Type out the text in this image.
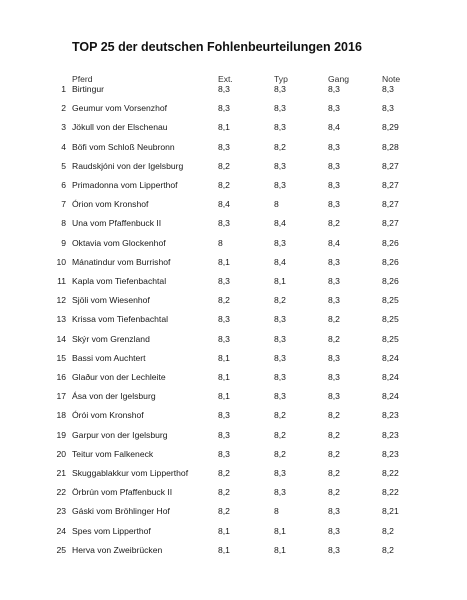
TOP 25 der deutschen Fohlenbeurteilungen 2016
Pferd	Ext.	Typ	Gang	Note
1 Birtingur	8,3	8,3	8,3	8,3
2 Geumur vom Vorsenzhof	8,3	8,3	8,3	8,3
3 Jökull von der Elschenau	8,1	8,3	8,4	8,29
4 Böfi vom Schloß Neubronn	8,3	8,2	8,3	8,28
5 Raudskjóni von der Igelsburg	8,2	8,3	8,3	8,27
6 Primadonna vom Lipperthof	8,2	8,3	8,3	8,27
7 Órion vom Kronshof	8,4	8	8,3	8,27
8 Una vom Pfaffenbuck II	8,3	8,4	8,2	8,27
9 Oktavia vom Glockenhof	8	8,3	8,4	8,26
10 Mánatindur vom Burrishof	8,1	8,4	8,3	8,26
11 Kapla vom Tiefenbachtal	8,3	8,1	8,3	8,26
12 Sjöli vom Wiesenhof	8,2	8,2	8,3	8,25
13 Krissa vom Tiefenbachtal	8,3	8,3	8,2	8,25
14 Skýr vom Grenzland	8,3	8,3	8,2	8,25
15 Bassi vom Auchtert	8,1	8,3	8,3	8,24
16 Glaður von der Lechleite	8,1	8,3	8,3	8,24
17 Ása von der Igelsburg	8,1	8,3	8,3	8,24
18 Órói vom Kronshof	8,3	8,2	8,2	8,23
19 Garpur von der Igelsburg	8,3	8,2	8,2	8,23
20 Teitur vom Falkeneck	8,3	8,2	8,2	8,23
21 Skuggablakkur vom Lipperthof	8,2	8,3	8,2	8,22
22 Örbrún vom Pfaffenbuck II	8,2	8,3	8,2	8,22
23 Gáski vom Bröhlinger Hof	8,2	8	8,3	8,21
24 Spes vom Lipperthof	8,1	8,1	8,3	8,2
25 Herva von Zweibrücken	8,1	8,1	8,3	8,2
